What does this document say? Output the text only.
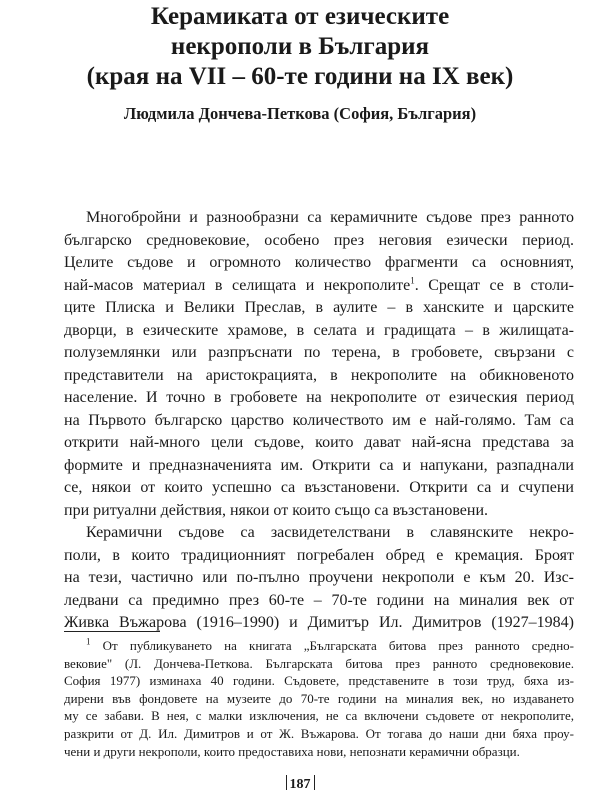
Керамиката от езическите
некрополи в България
(края на VII – 60-те години на IX век)
Людмила Дончева-Петкова (София, България)
Многобройни и разнообразни са керамичните съдове през ранното
българско средновековие, особено през неговия езически период.
Целите съдове и огромното количество фрагменти са основният,
най-масов материал в селищата и некрополите$^1$. Срещат се в столи-
ците Плиска и Велики Преслав, в аулите – в ханските и царските
дворци, в езическите храмове, в селата и градищата – в жилищата-
полуземлянки или разпръснати по терена, в гробовете, свързани с
представители на аристокрацията, в некрополите на обикновеното
население. И точно в гробовете на некрополите от езическия период
на Първото българско царство количеството им е най-голямо. Там са
открити най-много цели съдове, които дават най-ясна представа за
формите и предназначенията им. Открити са и напукани, разпаднали
се, някои от които успешно са възстановени. Открити са и счупени
при ритуални действия, някои от които също са възстановени.
Керамични съдове са засвидетелствани в славянските некро-
поли, в които традиционният погребален обред е кремация. Броят
на тези, частично или по-пълно проучени некрополи е към 20. Изс-
ледвани са предимно през 60-те – 70-те години на миналия век от
Живка Въжарова (1916–1990) и Димитър Ил. Димитров (1927–1984)
$^1$ От публикуването на книгата „Българската битова през ранното средно-
вековие" (Л. Дончева-Петкова. Българската битова през ранното средновековие.
София 1977) изминаха 40 години. Съдовете, представените в този труд, бяха из-
дирени във фондовете на музеите до 70-те години на миналия век, но издаването
му се забави. В нея, с малки изключения, не са включени съдовете от некрополите,
разкрити от Д. Ил. Димитров и от Ж. Въжарова. От тогава до наши дни бяха проу-
чени и други некрополи, които предоставиха нови, непознати керамични образци.
187
